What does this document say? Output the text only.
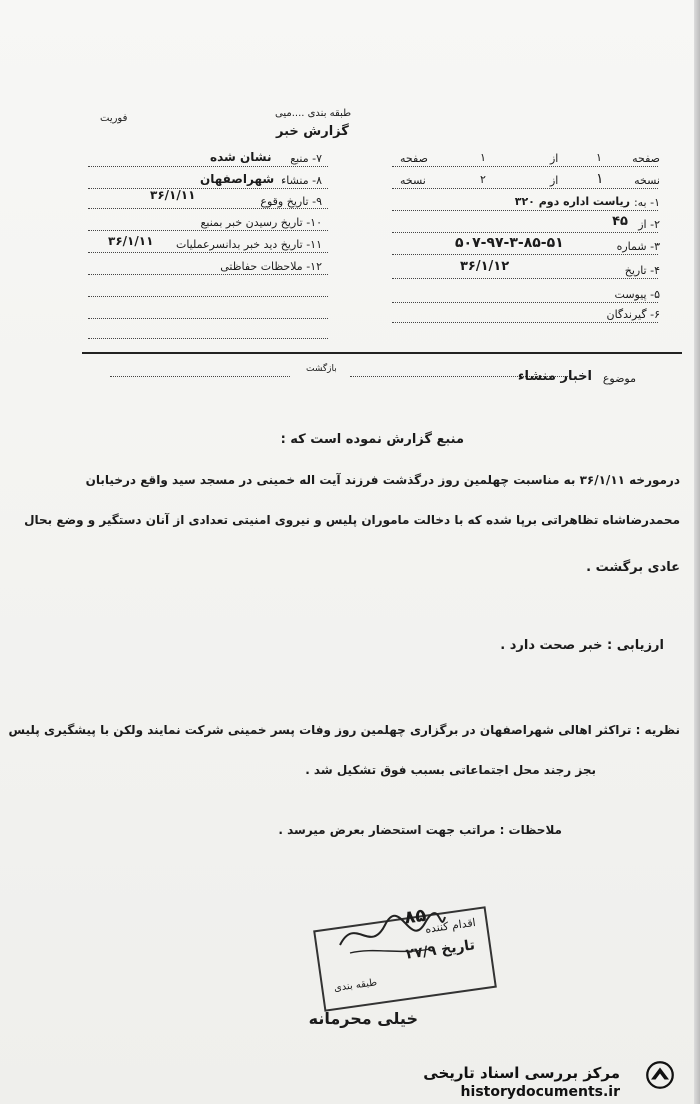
فوریت	طبقه بندی ....میی
گزارش خبر
۷- منبع
نشان شده
۸- منشاء
شهراصفهان
۹- تاریخ وقوع
۳۶/۱/۱۱
۱۰- تاریخ رسیدن خبر بمنبع
۱۱- تاریخ دید خبر بدانسرعملیات
۳۶/۱/۱۱
۱۲- ملاحظات حفاظتی
صفحه
۱
از
۱
صفحه
نسخه
۱
از
۲
نسخه
۱- به:
ریاست اداره دوم ۳۲۰
۲- از
۴۵
۳- شماره
۵۰۷-۹۷-۳-۸۵-۵۱
۴- تاریخ
۳۶/۱/۱۲
۵- پیوست
۶- گیرندگان
بازگشت
موضوع
اخبار منشاء
منبع گزارش نموده است که :
درمورخه ۳۶/۱/۱۱ به مناسبت چهلمین روز درگذشت فرزند آیت اله خمینی در مسجد سید واقع درخیابان
محمدرضاشاه تظاهراتی برپا شده که با دخالت ماموران پلیس و نیروی امنیتی تعدادی از آنان دستگیر و وضع بحال
عادی برگشت .
ارزیابی : خبر صحت دارد .
نظریه : تراکثر اهالی شهراصفهان در برگزاری چهلمین روز وفات پسر خمینی شرکت نمایند ولکن با پیشگیری پلیس
بجز رجند محل اجتماعاتی بسبب فوق تشکیل شد .
ملاحظات : مراتب جهت استحضار بعرض میرسد .
اقدام کننده
تاریخ ۲۷/۹
طبقه بندی
۸۵
خیلی محرمانه
مرکز بررسی اسناد تاریخی
historydocuments.ir
